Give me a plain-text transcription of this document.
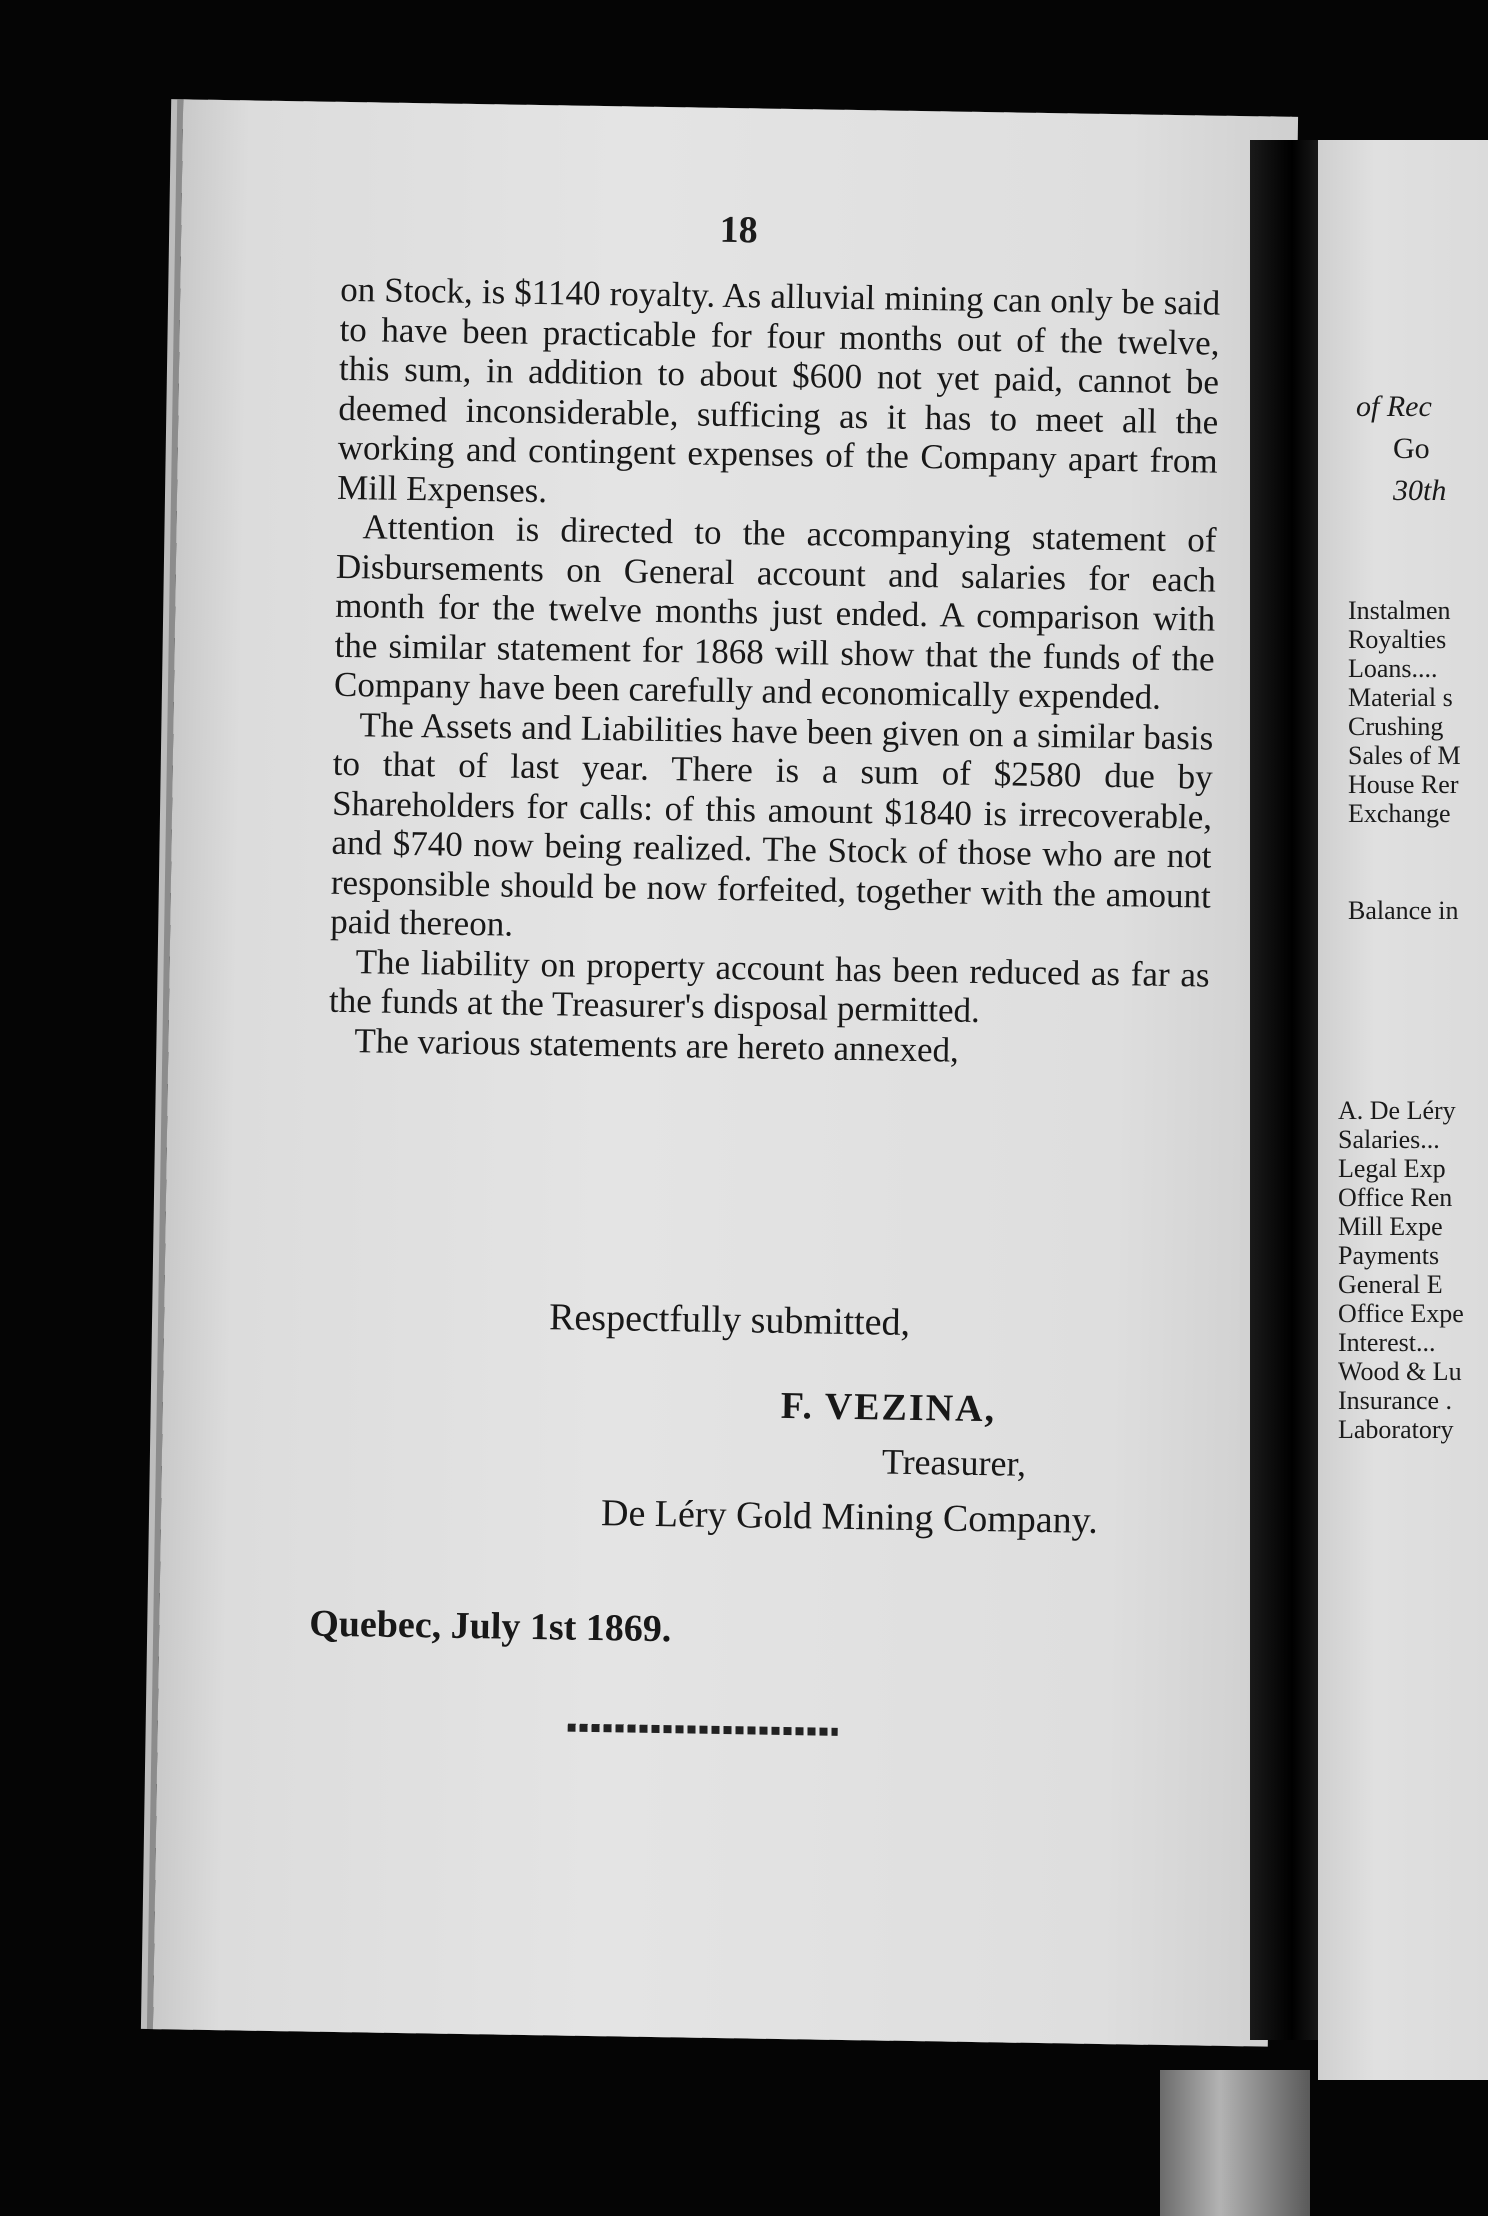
18

on Stock, is $1140 royalty. As alluvial mining can only be said to have been practicable for four months out of the twelve, this sum, in addition to about $600 not yet paid, cannot be deemed inconsiderable, sufficing as it has to meet all the working and contingent expenses of the Company apart from Mill Expenses.

Attention is directed to the accompanying statement of Disbursements on General account and salaries for each month for the twelve months just ended. A comparison with the similar statement for 1868 will show that the funds of the Company have been carefully and economically expended.

The Assets and Liabilities have been given on a similar basis to that of last year. There is a sum of $2580 due by Shareholders for calls: of this amount $1840 is irrecoverable, and $740 now being realized. The Stock of those who are not responsible should be now forfeited, together with the amount paid thereon.

The liability on property account has been reduced as far as the funds at the Treasurer's disposal permitted.

The various statements are hereto annexed,

Respectfully submitted,
F. VEZINA,
Treasurer,
De Léry Gold Mining Company.
Quebec, July 1st 1869.
of Rec
Go
30th
Instalmen
Royalties
Loans....
Material s
Crushing
Sales of M
House Rer
Exchange
Balance in
A. De Léry
Salaries...
Legal Exp
Office Ren
Mill Expe
Payments
General E
Office Expe
Interest...
Wood & Lu
Insurance .
Laboratory
